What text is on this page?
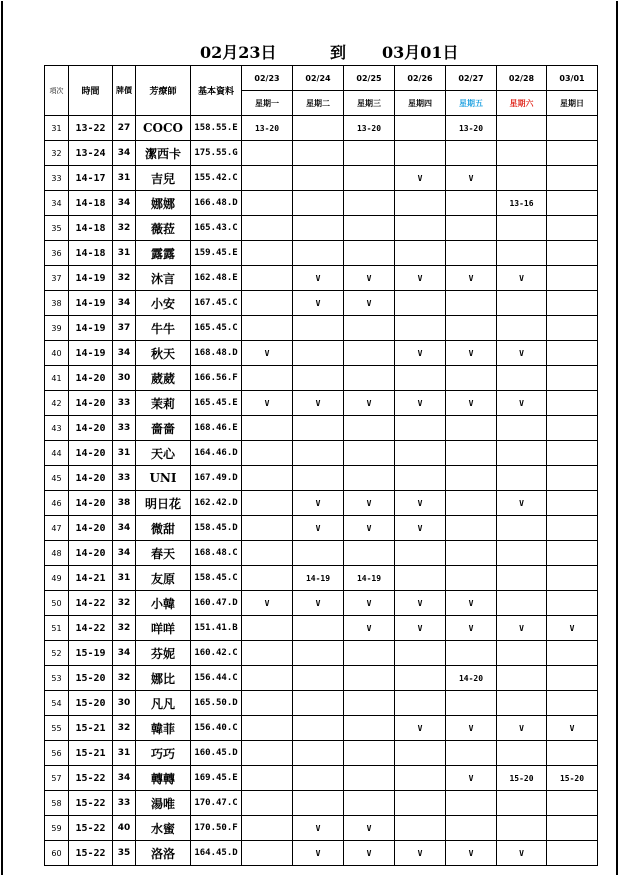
02月23日	到 03月01日
項次	時間	牌價	芳療師	基本資料	02/23	02/24	02/25	02/26	02/27	02/28	03/01
					星期一	星期二	星期三	星期四	星期五	星期六	星期日
31	13-22	27	COCO	158.55.E	13-20		13-20		13-20		
32	13-24	34	潔西卡	175.55.G							
33	14-17	31	吉兒	155.42.C				V	V		
34	14-18	34	娜娜	166.48.D						13-16	
35	14-18	32	薇菈	165.43.C							
36	14-18	31	露露	159.45.E							
37	14-19	32	沐言	162.48.E		V	V	V	V	V	
38	14-19	34	小安	167.45.C		V	V				
39	14-19	37	牛牛	165.45.C							
40	14-19	34	秋天	168.48.D	V			V	V	V	
41	14-20	30	葳葳	166.56.F							
42	14-20	33	茉莉	165.45.E	V	V	V	V	V	V	
43	14-20	33	嗇嗇	168.46.E							
44	14-20	31	天心	164.46.D							
45	14-20	33	UNI	167.49.D							
46	14-20	38	明日花	162.42.D		V	V	V		V	
47	14-20	34	微甜	158.45.D		V	V	V			
48	14-20	34	春天	168.48.C							
49	14-21	31	友原	158.45.C		14-19	14-19				
50	14-22	32	小韓	160.47.D	V	V	V	V	V		
51	14-22	32	咩咩	151.41.B			V	V	V	V	V
52	15-19	34	芬妮	160.42.C							
53	15-20	32	娜比	156.44.C					14-20		
54	15-20	30	凡凡	165.50.D							
55	15-21	32	韓菲	156.40.C				V	V	V	V
56	15-21	31	巧巧	160.45.D							
57	15-22	34	轉轉	169.45.E					V	15-20	15-20
58	15-22	33	湯唯	170.47.C							
59	15-22	40	水蜜	170.50.F		V	V				
60	15-22	35	洛洛	164.45.D		V	V	V	V	V	
